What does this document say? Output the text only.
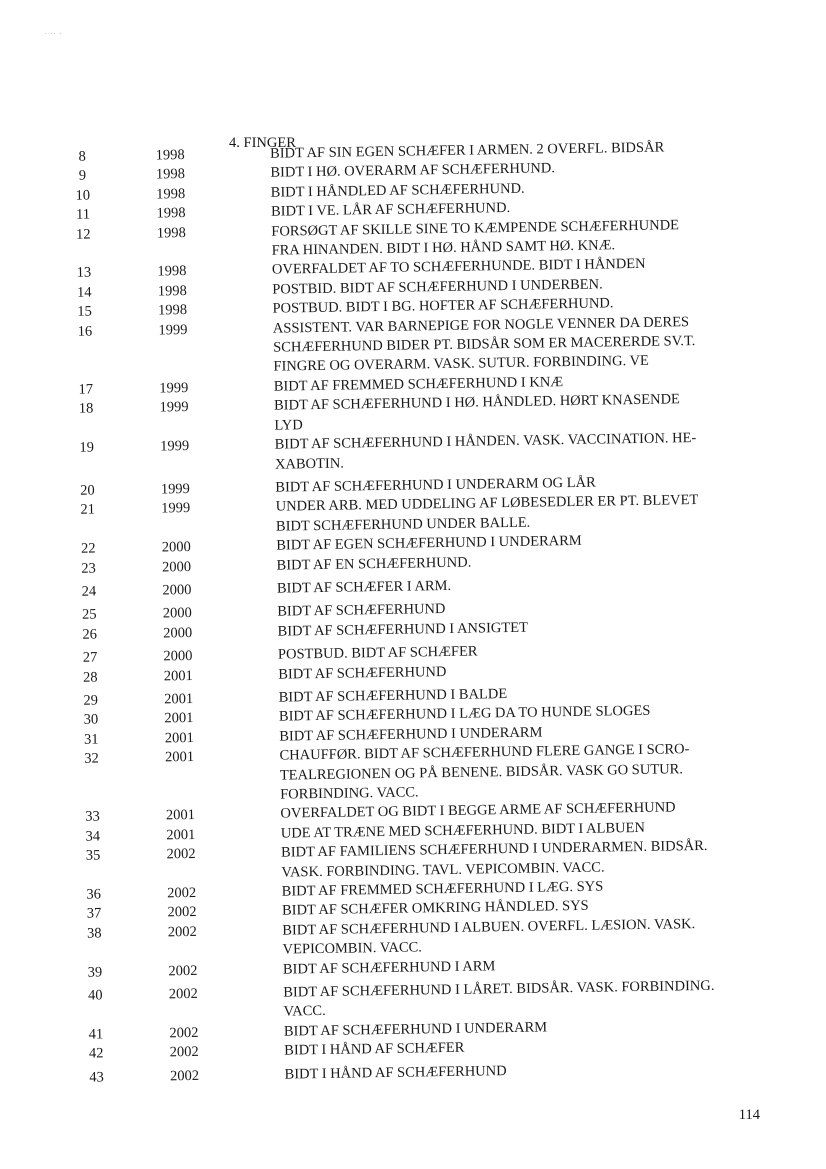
· ·· ·
4. FINGER
8	1998	BIDT AF SIN EGEN SCHÆFER I ARMEN. 2 OVERFL. BIDSÅR
9	1998	BIDT I HØ. OVERARM AF SCHÆFERHUND.
10	1998	BIDT I HÅNDLED AF SCHÆFERHUND.
11	1998	BIDT I VE. LÅR AF SCHÆFERHUND.
12	1998	FORSØGT AF SKILLE SINE TO KÆMPENDE SCHÆFERHUNDE
FRA HINANDEN. BIDT I HØ. HÅND SAMT HØ. KNÆ.
13	1998	OVERFALDET AF TO SCHÆFERHUNDE. BIDT I HÅNDEN
14	1998	POSTBID. BIDT AF SCHÆFERHUND I UNDERBEN.
15	1998	POSTBUD. BIDT I BG. HOFTER AF SCHÆFERHUND.
16	1999	ASSISTENT. VAR BARNEPIGE FOR NOGLE VENNER DA DERES
SCHÆFERHUND BIDER PT. BIDSÅR SOM ER MACERERDE SV.T.
FINGRE OG OVERARM. VASK. SUTUR. FORBINDING. VE
17	1999	BIDT AF FREMMED SCHÆFERHUND I KNÆ
18	1999	BIDT AF SCHÆFERHUND I HØ. HÅNDLED. HØRT KNASENDE
LYD
19	1999	BIDT AF SCHÆFERHUND I HÅNDEN. VASK. VACCINATION. HE-
XABOTIN.
20	1999	BIDT AF SCHÆFERHUND I UNDERARM OG LÅR
21	1999	UNDER ARB. MED UDDELING AF LØBESEDLER ER PT. BLEVET
BIDT SCHÆFERHUND UNDER BALLE.
22	2000	BIDT AF EGEN SCHÆFERHUND I UNDERARM
23	2000	BIDT AF EN SCHÆFERHUND.
24	2000	BIDT AF SCHÆFER I ARM.
25	2000	BIDT AF SCHÆFERHUND
26	2000	BIDT AF SCHÆFERHUND I ANSIGTET
27	2000	POSTBUD. BIDT AF SCHÆFER
28	2001	BIDT AF SCHÆFERHUND
29	2001	BIDT AF SCHÆFERHUND I BALDE
30	2001	BIDT AF SCHÆFERHUND I LÆG DA TO HUNDE SLOGES
31	2001	BIDT AF SCHÆFERHUND I UNDERARM
32	2001	CHAUFFØR. BIDT AF SCHÆFERHUND FLERE GANGE I SCRO-
TEALREGIONEN OG PÅ BENENE. BIDSÅR. VASK GO SUTUR.
FORBINDING. VACC.
33	2001	OVERFALDET OG BIDT I BEGGE ARME AF SCHÆFERHUND
34	2001	UDE AT TRÆNE MED SCHÆFERHUND. BIDT I ALBUEN
35	2002	BIDT AF FAMILIENS SCHÆFERHUND I UNDERARMEN. BIDSÅR.
VASK. FORBINDING. TAVL. VEPICOMBIN. VACC.
36	2002	BIDT AF FREMMED SCHÆFERHUND I LÆG. SYS
37	2002	BIDT AF SCHÆFER OMKRING HÅNDLED. SYS
38	2002	BIDT AF SCHÆFERHUND I ALBUEN. OVERFL. LÆSION. VASK.
VEPICOMBIN. VACC.
39	2002	BIDT AF SCHÆFERHUND I ARM
40	2002	BIDT AF SCHÆFERHUND I LÅRET. BIDSÅR. VASK. FORBINDING.
VACC.
41	2002	BIDT AF SCHÆFERHUND I UNDERARM
42	2002	BIDT I HÅND AF SCHÆFER
43	2002	BIDT I HÅND AF SCHÆFERHUND
114
